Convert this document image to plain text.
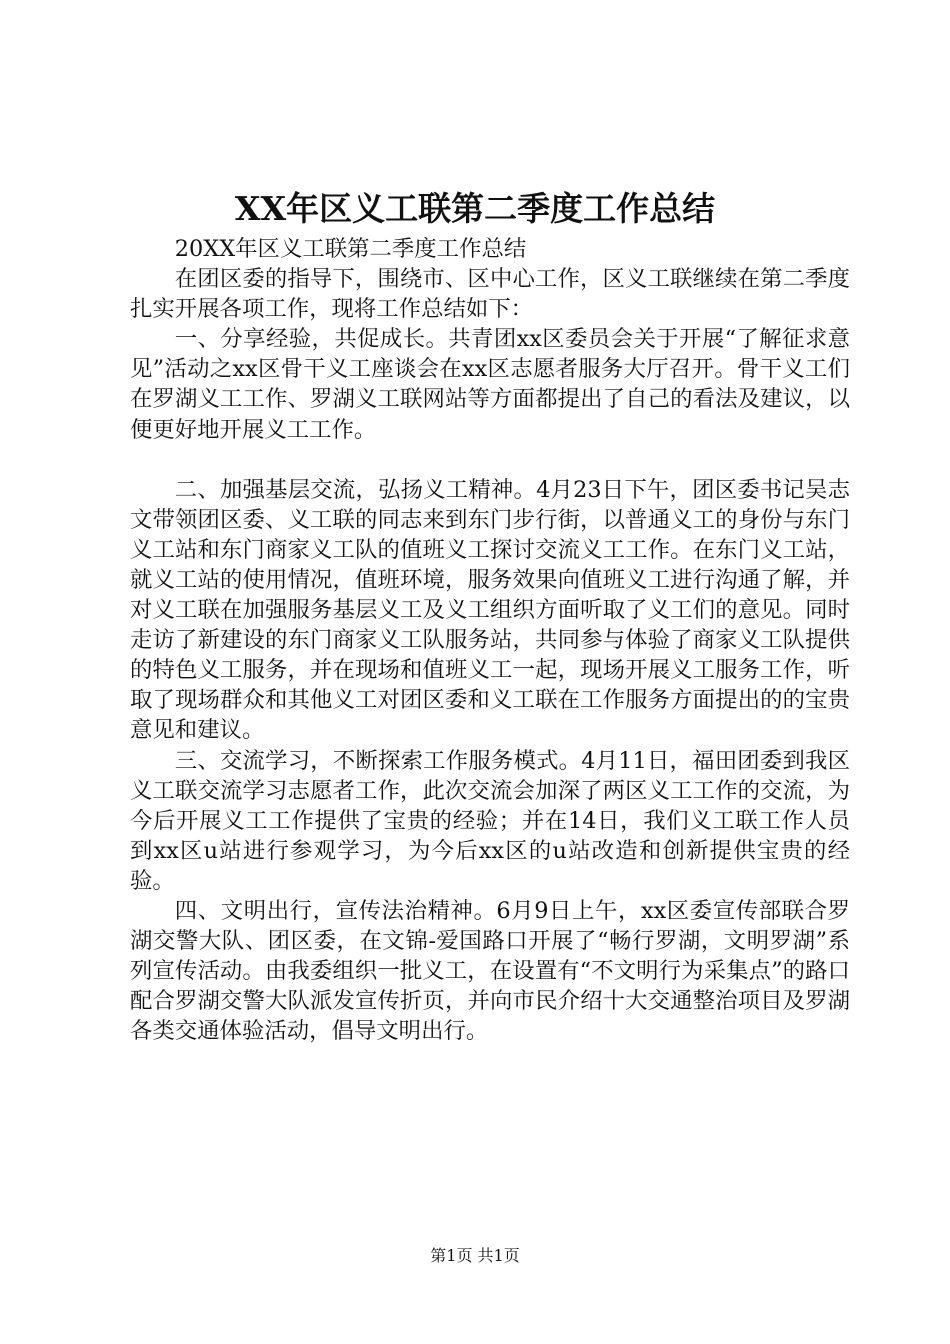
XX年区义工联第二季度工作总结

20XX年区义工联第二季度工作总结

在团区委的指导下，围绕市、区中心工作，区义工联继续在第二季度扎实开展各项工作，现将工作总结如下：

一、分享经验，共促成长。共青团xx区委员会关于开展“了解征求意见”活动之xx区骨干义工座谈会在xx区志愿者服务大厅召开。骨干义工们在罗湖义工工作、罗湖义工联网站等方面都提出了自己的看法及建议，以便更好地开展义工工作。

二、加强基层交流，弘扬义工精神。4月23日下午，团区委书记吴志文带领团区委、义工联的同志来到东门步行街，以普通义工的身份与东门义工站和东门商家义工队的值班义工探讨交流义工工作。在东门义工站，就义工站的使用情况，值班环境，服务效果向值班义工进行沟通了解，并对义工联在加强服务基层义工及义工组织方面听取了义工们的意见。同时走访了新建设的东门商家义工队服务站，共同参与体验了商家义工队提供的特色义工服务，并在现场和值班义工一起，现场开展义工服务工作，听取了现场群众和其他义工对团区委和义工联在工作服务方面提出的的宝贵意见和建议。

三、交流学习，不断探索工作服务模式。4月11日，福田团委到我区义工联交流学习志愿者工作，此次交流会加深了两区义工工作的交流，为今后开展义工工作提供了宝贵的经验；并在14日，我们义工联工作人员到xx区u站进行参观学习，为今后xx区的u站改造和创新提供宝贵的经验。

四、文明出行，宣传法治精神。6月9日上午，xx区委宣传部联合罗湖交警大队、团区委，在文锦-爱国路口开展了“畅行罗湖，文明罗湖”系列宣传活动。由我委组织一批义工，在设置有“不文明行为采集点”的路口配合罗湖交警大队派发宣传折页，并向市民介绍十大交通整治项目及罗湖各类交通体验活动，倡导文明出行。

第1页 共1页
